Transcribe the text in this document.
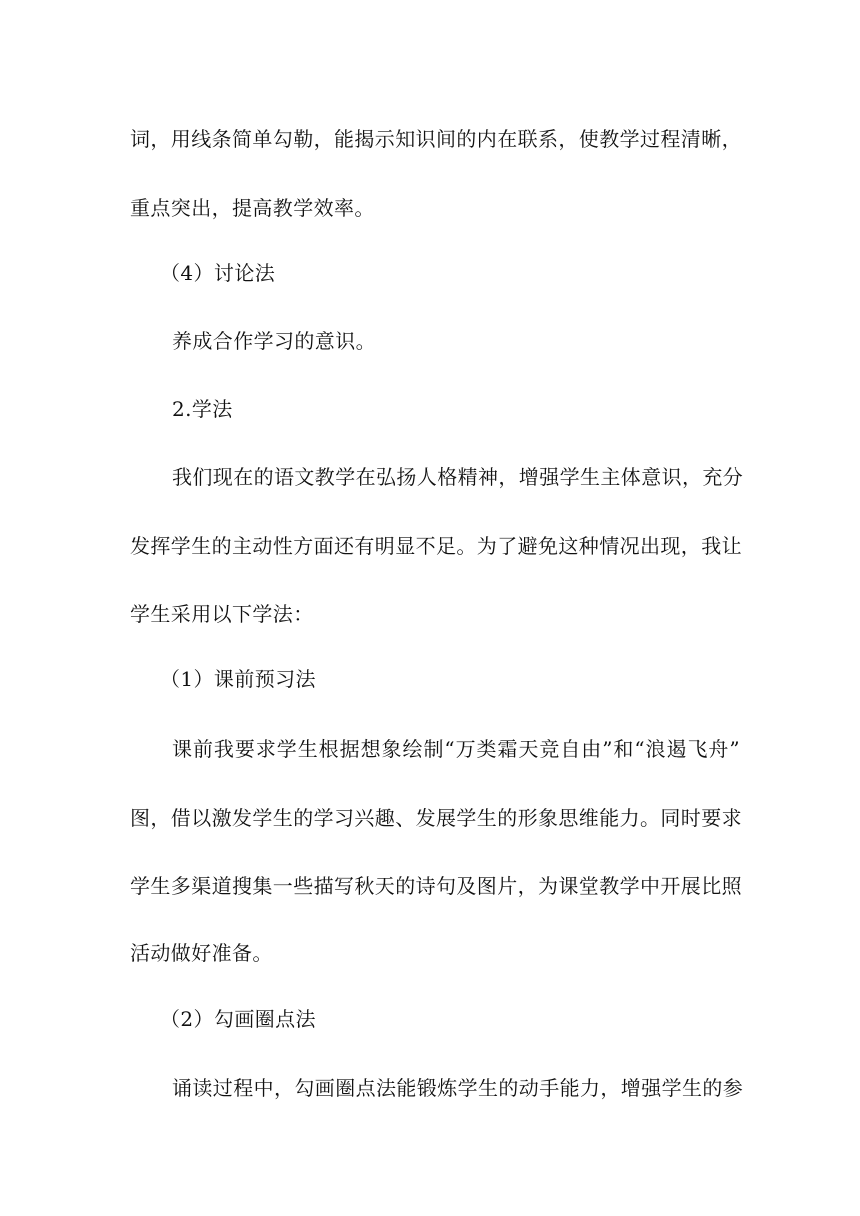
词，用线条简单勾勒，能揭示知识间的内在联系，使教学过程清晰，
重点突出，提高教学效率。
（4）讨论法
养成合作学习的意识。
2.学法
我们现在的语文教学在弘扬人格精神，增强学生主体意识，充分
发挥学生的主动性方面还有明显不足。为了避免这种情况出现，我让
学生采用以下学法：
（1）课前预习法
课前我要求学生根据想象绘制“万类霜天竞自由”和“浪遏飞舟”
图，借以激发学生的学习兴趣、发展学生的形象思维能力。同时要求
学生多渠道搜集一些描写秋天的诗句及图片，为课堂教学中开展比照
活动做好准备。
（2）勾画圈点法
诵读过程中，勾画圈点法能锻炼学生的动手能力，增强学生的参
